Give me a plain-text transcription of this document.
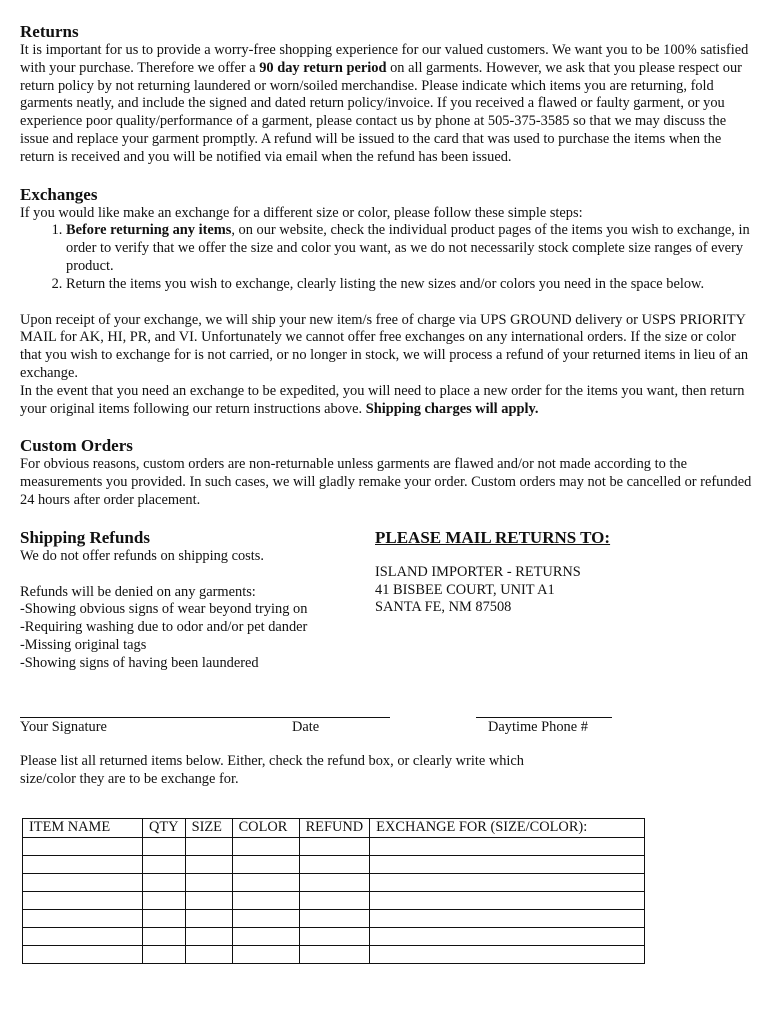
Returns

It is important for us to provide a worry-free shopping experience for our valued customers. We want you to be 100% satisfied with your purchase. Therefore we offer a 90 day return period on all garments. However, we ask that you please respect our return policy by not returning laundered or worn/soiled merchandise. Please indicate which items you are returning, fold garments neatly, and include the signed and dated return policy/invoice. If you received a flawed or faulty garment, or you experience poor quality/performance of a garment, please contact us by phone at 505-375-3585 so that we may discuss the issue and replace your garment promptly. A refund will be issued to the card that was used to purchase the items when the return is received and you will be notified via email when the refund has been issued.

Exchanges

If you would like make an exchange for a different size or color, please follow these simple steps:

1. Before returning any items, on our website, check the individual product pages of the items you wish to exchange, in order to verify that we offer the size and color you want, as we do not necessarily stock complete size ranges of every product.
2. Return the items you wish to exchange, clearly listing the new sizes and/or colors you need in the space below.

Upon receipt of your exchange, we will ship your new item/s free of charge via UPS GROUND delivery or USPS PRIORITY MAIL for AK, HI, PR, and VI. Unfortunately we cannot offer free exchanges on any international orders. If the size or color that you wish to exchange for is not carried, or no longer in stock, we will process a refund of your returned items in lieu of an exchange.

In the event that you need an exchange to be expedited, you will need to place a new order for the items you want, then return your original items following our return instructions above. Shipping charges will apply.

Custom Orders

For obvious reasons, custom orders are non-returnable unless garments are flawed and/or not made according to the measurements you provided. In such cases, we will gladly remake your order. Custom orders may not be cancelled or refunded 24 hours after order placement.

Shipping Refunds

We do not offer refunds on shipping costs.

Refunds will be denied on any garments:

-Showing obvious signs of wear beyond trying on

-Requiring washing due to odor and/or pet dander

-Missing original tags

-Showing signs of having been laundered

PLEASE MAIL RETURNS TO:

ISLAND IMPORTER - RETURNS

41 BISBEE COURT, UNIT A1

SANTA FE, NM 87508

Your Signature	Date	Daytime Phone #

Please list all returned items below. Either, check the refund box, or clearly write which size/color they are to be exchange for.

ITEM NAME	QTY	SIZE	COLOR	REFUND	EXCHANGE FOR (SIZE/COLOR):
